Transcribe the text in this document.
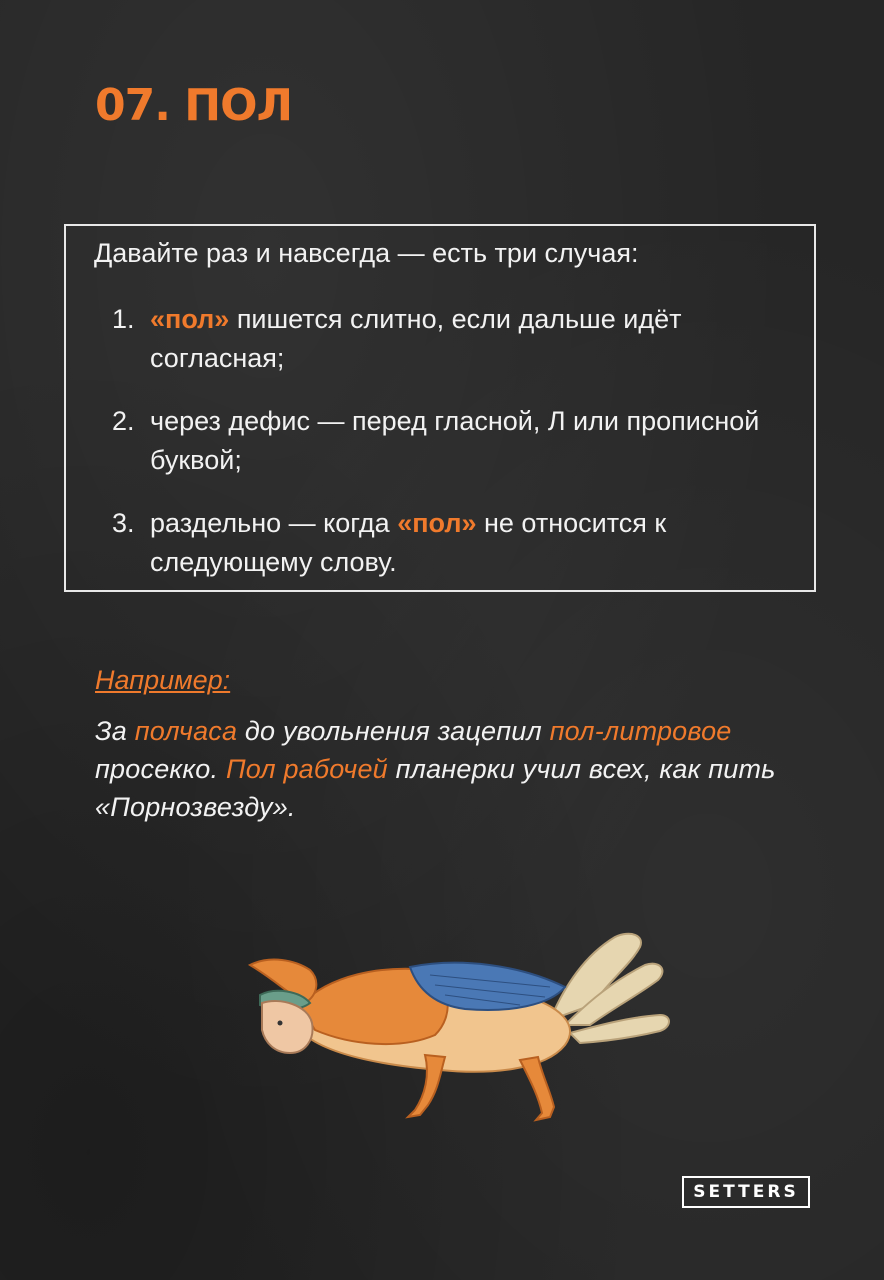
07. ПОЛ

Давайте раз и навсегда — есть три случая:

1. «пол» пишется слитно, если дальше идёт согласная;
2. через дефис — перед гласной, Л или прописной буквой;
3. раздельно — когда «пол» не относится к следующему слову.

Например:

За полчаса до увольнения зацепил пол-литровое просекко. Пол рабочей планерки учил всех, как пить «Порнозвезду».

SETTERS
